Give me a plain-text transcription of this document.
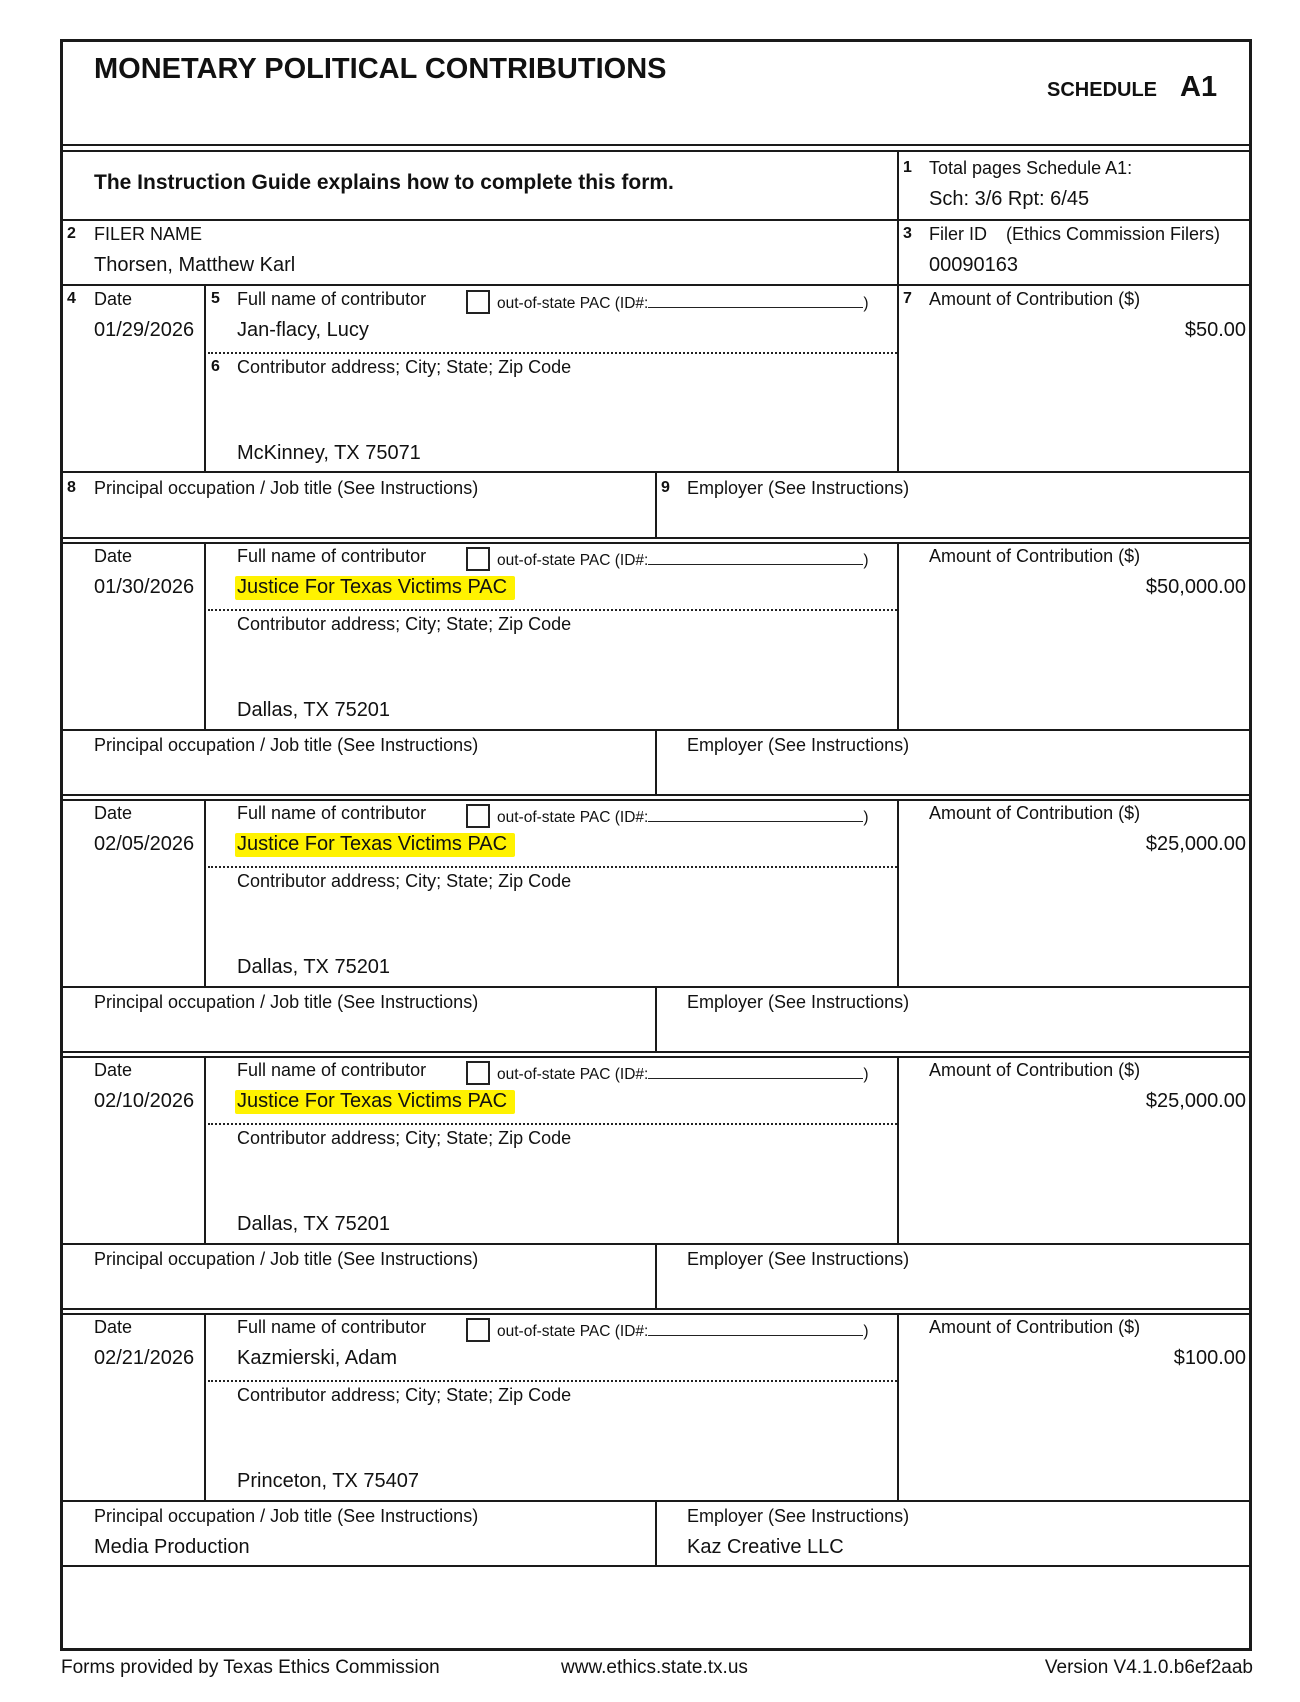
MONETARY POLITICAL CONTRIBUTIONS
SCHEDULE A1
The Instruction Guide explains how to complete this form.
1 Total pages Schedule A1:
Sch: 3/6 Rpt: 6/45
2 FILER NAME
Thorsen, Matthew Karl
3 Filer ID (Ethics Commission Filers)
00090163
4 Date
01/29/2026
5 Full name of contributor	out-of-state PAC (ID#:	)
Jan-flacy, Lucy
6 Contributor address; City; State; Zip Code
McKinney, TX 75071
7 Amount of Contribution ($)
$50.00
8 Principal occupation / Job title (See Instructions)	9 Employer (See Instructions)
Date
01/30/2026
Full name of contributor	out-of-state PAC (ID#:	)
Justice For Texas Victims PAC
Contributor address; City; State; Zip Code
Dallas, TX 75201
Amount of Contribution ($)
$50,000.00
Principal occupation / Job title (See Instructions)	Employer (See Instructions)
Date
02/05/2026
Full name of contributor	out-of-state PAC (ID#:	)
Justice For Texas Victims PAC
Contributor address; City; State; Zip Code
Dallas, TX 75201
Amount of Contribution ($)
$25,000.00
Principal occupation / Job title (See Instructions)	Employer (See Instructions)
Date
02/10/2026
Full name of contributor	out-of-state PAC (ID#:	)
Justice For Texas Victims PAC
Contributor address; City; State; Zip Code
Dallas, TX 75201
Amount of Contribution ($)
$25,000.00
Principal occupation / Job title (See Instructions)	Employer (See Instructions)
Date
02/21/2026
Full name of contributor	out-of-state PAC (ID#:	)
Kazmierski, Adam
Contributor address; City; State; Zip Code
Princeton, TX 75407
Amount of Contribution ($)
$100.00
Principal occupation / Job title (See Instructions)
Media Production
Employer (See Instructions)
Kaz Creative LLC
Forms provided by Texas Ethics Commission	www.ethics.state.tx.us	Version V4.1.0.b6ef2aab
